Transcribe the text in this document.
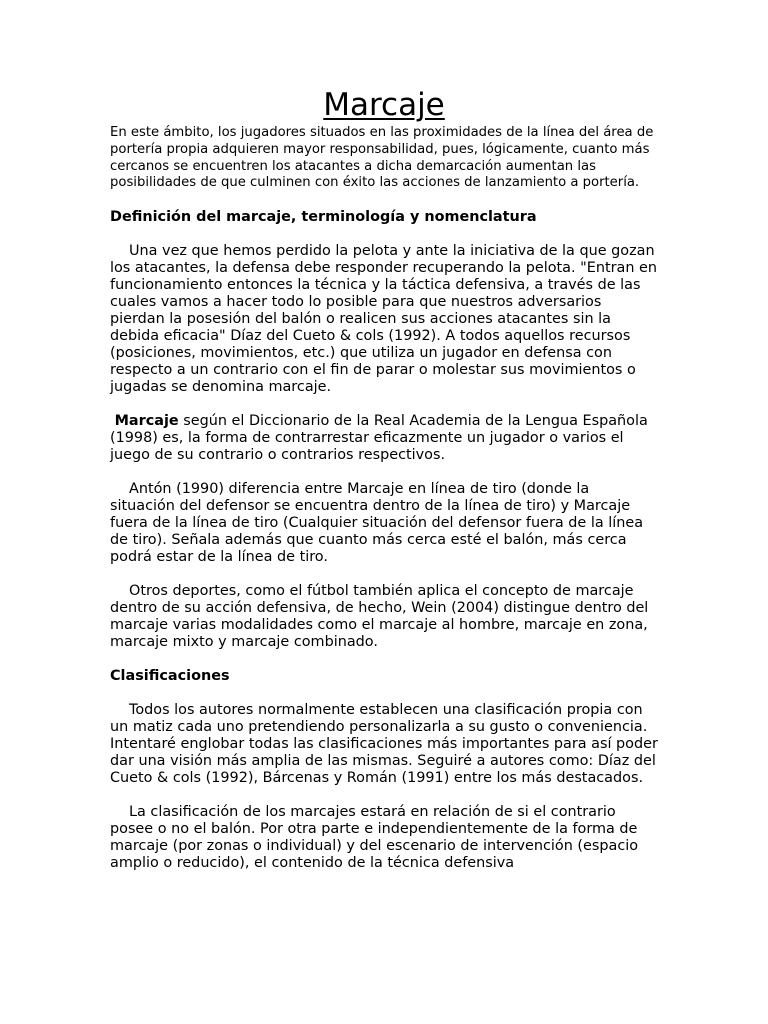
Marcaje

En este ámbito, los jugadores situados en las proximidades de la línea del área de portería propia adquieren mayor responsabilidad, pues, lógicamente, cuanto más cercanos se encuentren los atacantes a dicha demarcación aumentan las posibilidades de que culminen con éxito las acciones de lanzamiento a portería.

Definición del marcaje, terminología y nomenclatura

Una vez que hemos perdido la pelota y ante la iniciativa de la que gozan los atacantes, la defensa debe responder recuperando la pelota. "Entran en funcionamiento entonces la técnica y la táctica defensiva, a través de las cuales vamos a hacer todo lo posible para que nuestros adversarios pierdan la posesión del balón o realicen sus acciones atacantes sin la debida eficacia" Díaz del Cueto & cols (1992). A todos aquellos recursos (posiciones, movimientos, etc.) que utiliza un jugador en defensa con respecto a un contrario con el fin de parar o molestar sus movimientos o jugadas se denomina marcaje.

Marcaje según el Diccionario de la Real Academia de la Lengua Española (1998) es, la forma de contrarrestar eficazmente un jugador o varios el juego de su contrario o contrarios respectivos.

Antón (1990) diferencia entre Marcaje en línea de tiro (donde la situación del defensor se encuentra dentro de la línea de tiro) y Marcaje fuera de la línea de tiro (Cualquier situación del defensor fuera de la línea de tiro). Señala además que cuanto más cerca esté el balón, más cerca podrá estar de la línea de tiro.

Otros deportes, como el fútbol también aplica el concepto de marcaje dentro de su acción defensiva, de hecho, Wein (2004) distingue dentro del marcaje varias modalidades como el marcaje al hombre, marcaje en zona, marcaje mixto y marcaje combinado.

Clasificaciones

Todos los autores normalmente establecen una clasificación propia con un matiz cada uno pretendiendo personalizarla a su gusto o conveniencia. Intentaré englobar todas las clasificaciones más importantes para así poder dar una visión más amplia de las mismas. Seguiré a autores como: Díaz del Cueto & cols (1992), Bárcenas y Román (1991) entre los más destacados.

La clasificación de los marcajes estará en relación de si el contrario posee o no el balón. Por otra parte e independientemente de la forma de marcaje (por zonas o individual) y del escenario de intervención (espacio amplio o reducido), el contenido de la técnica defensiva
